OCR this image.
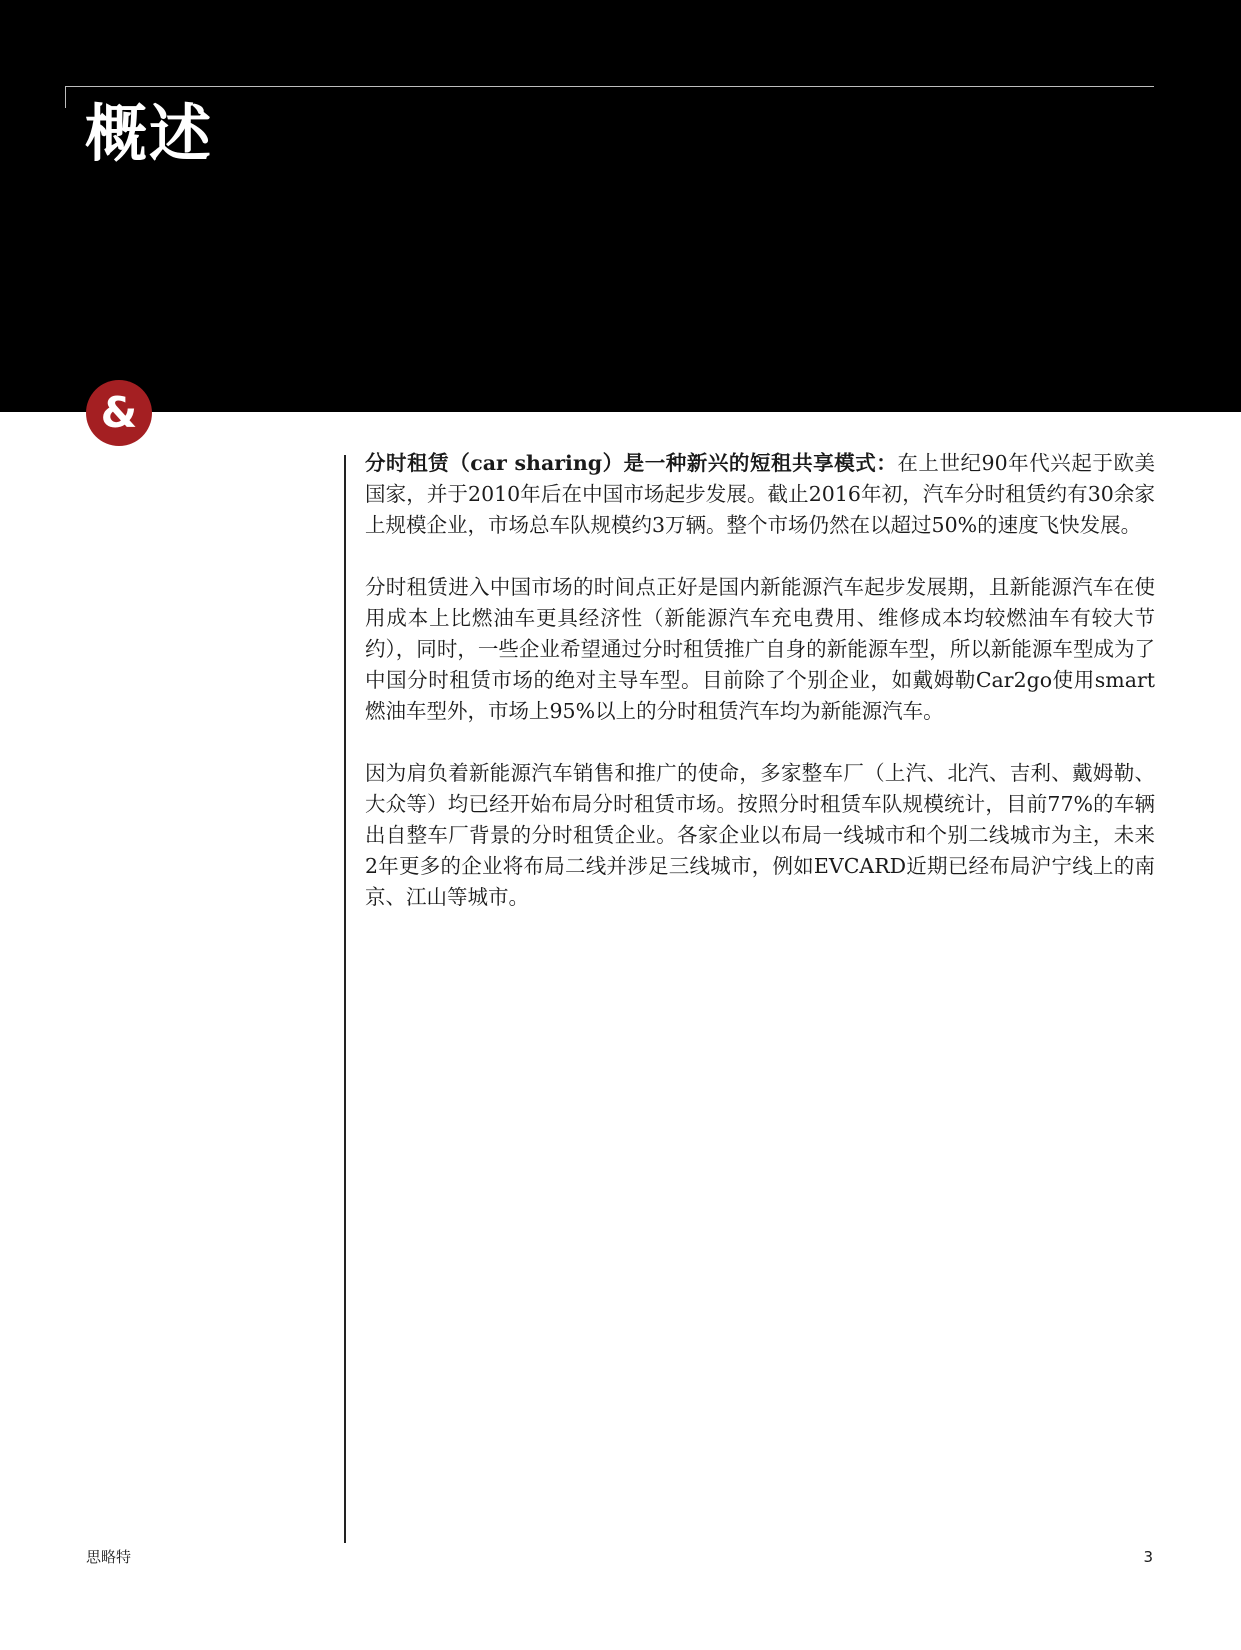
概述
&

分时租赁（car sharing）是一种新兴的短租共享模式：在上世纪90年代兴起于欧美国家，并于2010年后在中国市场起步发展。截止2016年初，汽车分时租赁约有30余家上规模企业，市场总车队规模约3万辆。整个市场仍然在以超过50%的速度飞快发展。

分时租赁进入中国市场的时间点正好是国内新能源汽车起步发展期，且新能源汽车在使用成本上比燃油车更具经济性（新能源汽车充电费用、维修成本均较燃油车有较大节约），同时，一些企业希望通过分时租赁推广自身的新能源车型，所以新能源车型成为了中国分时租赁市场的绝对主导车型。目前除了个别企业，如戴姆勒Car2go使用smart燃油车型外，市场上95%以上的分时租赁汽车均为新能源汽车。

因为肩负着新能源汽车销售和推广的使命，多家整车厂（上汽、北汽、吉利、戴姆勒、大众等）均已经开始布局分时租赁市场。按照分时租赁车队规模统计，目前77%的车辆出自整车厂背景的分时租赁企业。各家企业以布局一线城市和个别二线城市为主，未来2年更多的企业将布局二线并涉足三线城市，例如EVCARD近期已经布局沪宁线上的南京、江山等城市。

思略特	3
